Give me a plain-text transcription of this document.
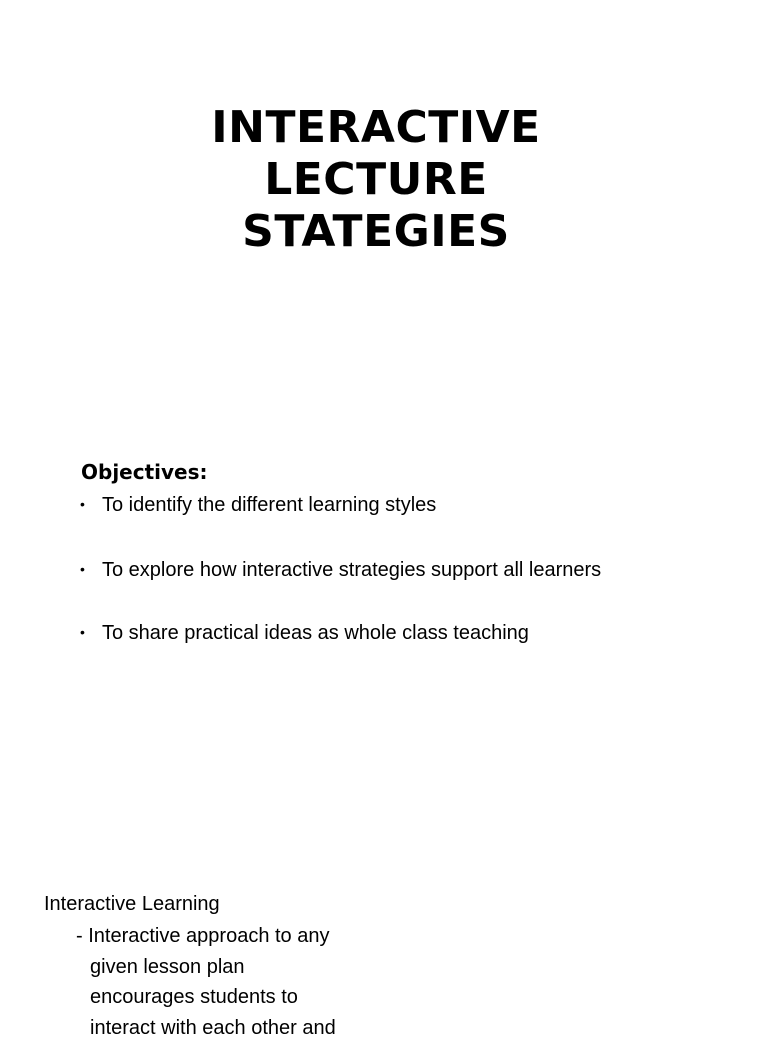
INTERACTIVE
LECTURE
STATEGIES
Objectives:
• To identify the different learning styles
• To explore how interactive strategies support all learners
• To share practical ideas as whole class teaching
Interactive Learning
- Interactive approach to any
given lesson plan
encourages students to
interact with each other and
